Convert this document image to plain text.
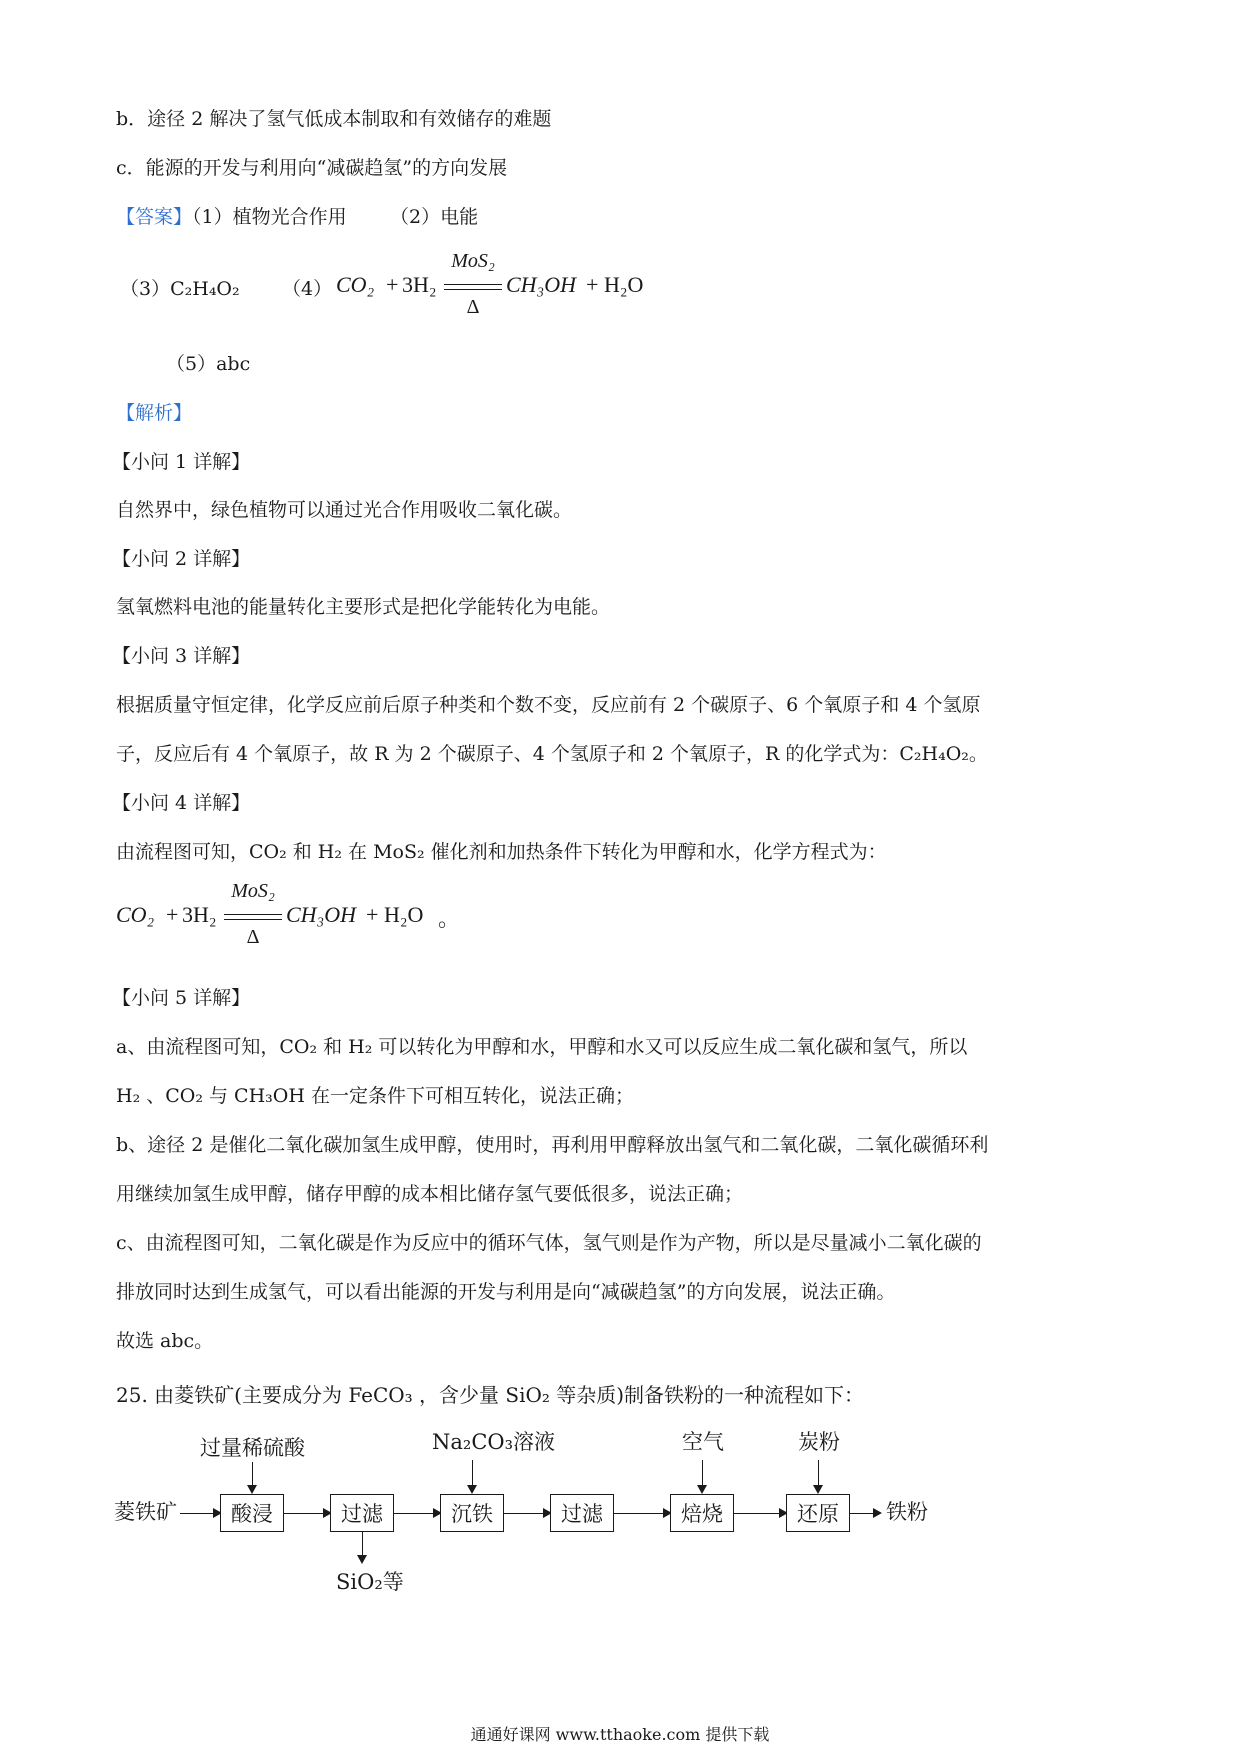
b．途径 2 解决了氢气低成本制取和有效储存的难题
c．能源的开发与利用向“减碳趋氢”的方向发展
【答案】（1）植物光合作用 （2）电能
（3）C₂H₄O₂ （4） CO₂ + 3H₂
MoS₂
Δ
CH₃OH + H₂O
（5）abc
【解析】
【小问 1 详解】
自然界中，绿色植物可以通过光合作用吸收二氧化碳。
【小问 2 详解】
氢氧燃料电池的能量转化主要形式是把化学能转化为电能。
【小问 3 详解】
根据质量守恒定律，化学反应前后原子种类和个数不变，反应前有 2 个碳原子、6 个氧原子和 4 个氢原
子，反应后有 4 个氧原子，故 R 为 2 个碳原子、4 个氢原子和 2 个氧原子，R 的化学式为：C₂H₄O₂。
【小问 4 详解】
由流程图可知，CO₂ 和 H₂ 在 MoS₂ 催化剂和加热条件下转化为甲醇和水，化学方程式为：
CO₂ + 3H₂
MoS₂
Δ
CH₃OH + H₂O 。
【小问 5 详解】
a、由流程图可知，CO₂ 和 H₂ 可以转化为甲醇和水，甲醇和水又可以反应生成二氧化碳和氢气，所以
H₂ 、CO₂ 与 CH₃OH 在一定条件下可相互转化，说法正确；
b、途径 2 是催化二氧化碳加氢生成甲醇，使用时，再利用甲醇释放出氢气和二氧化碳，二氧化碳循环利
用继续加氢生成甲醇，储存甲醇的成本相比储存氢气要低很多，说法正确；
c、由流程图可知，二氧化碳是作为反应中的循环气体，氢气则是作为产物，所以是尽量减小二氧化碳的
排放同时达到生成氢气，可以看出能源的开发与利用是向“减碳趋氢”的方向发展，说法正确。
故选 abc。
25. 由菱铁矿(主要成分为 FeCO₃ ，含少量 SiO₂ 等杂质)制备铁粉的一种流程如下：
菱铁矿	酸浸	过滤	沉铁	过滤	焙烧	还原	铁粉
过量稀硫酸	Na₂CO₃溶液	空气	炭粉
SiO₂等
通通好课网 www.tthaoke.com 提供下载
